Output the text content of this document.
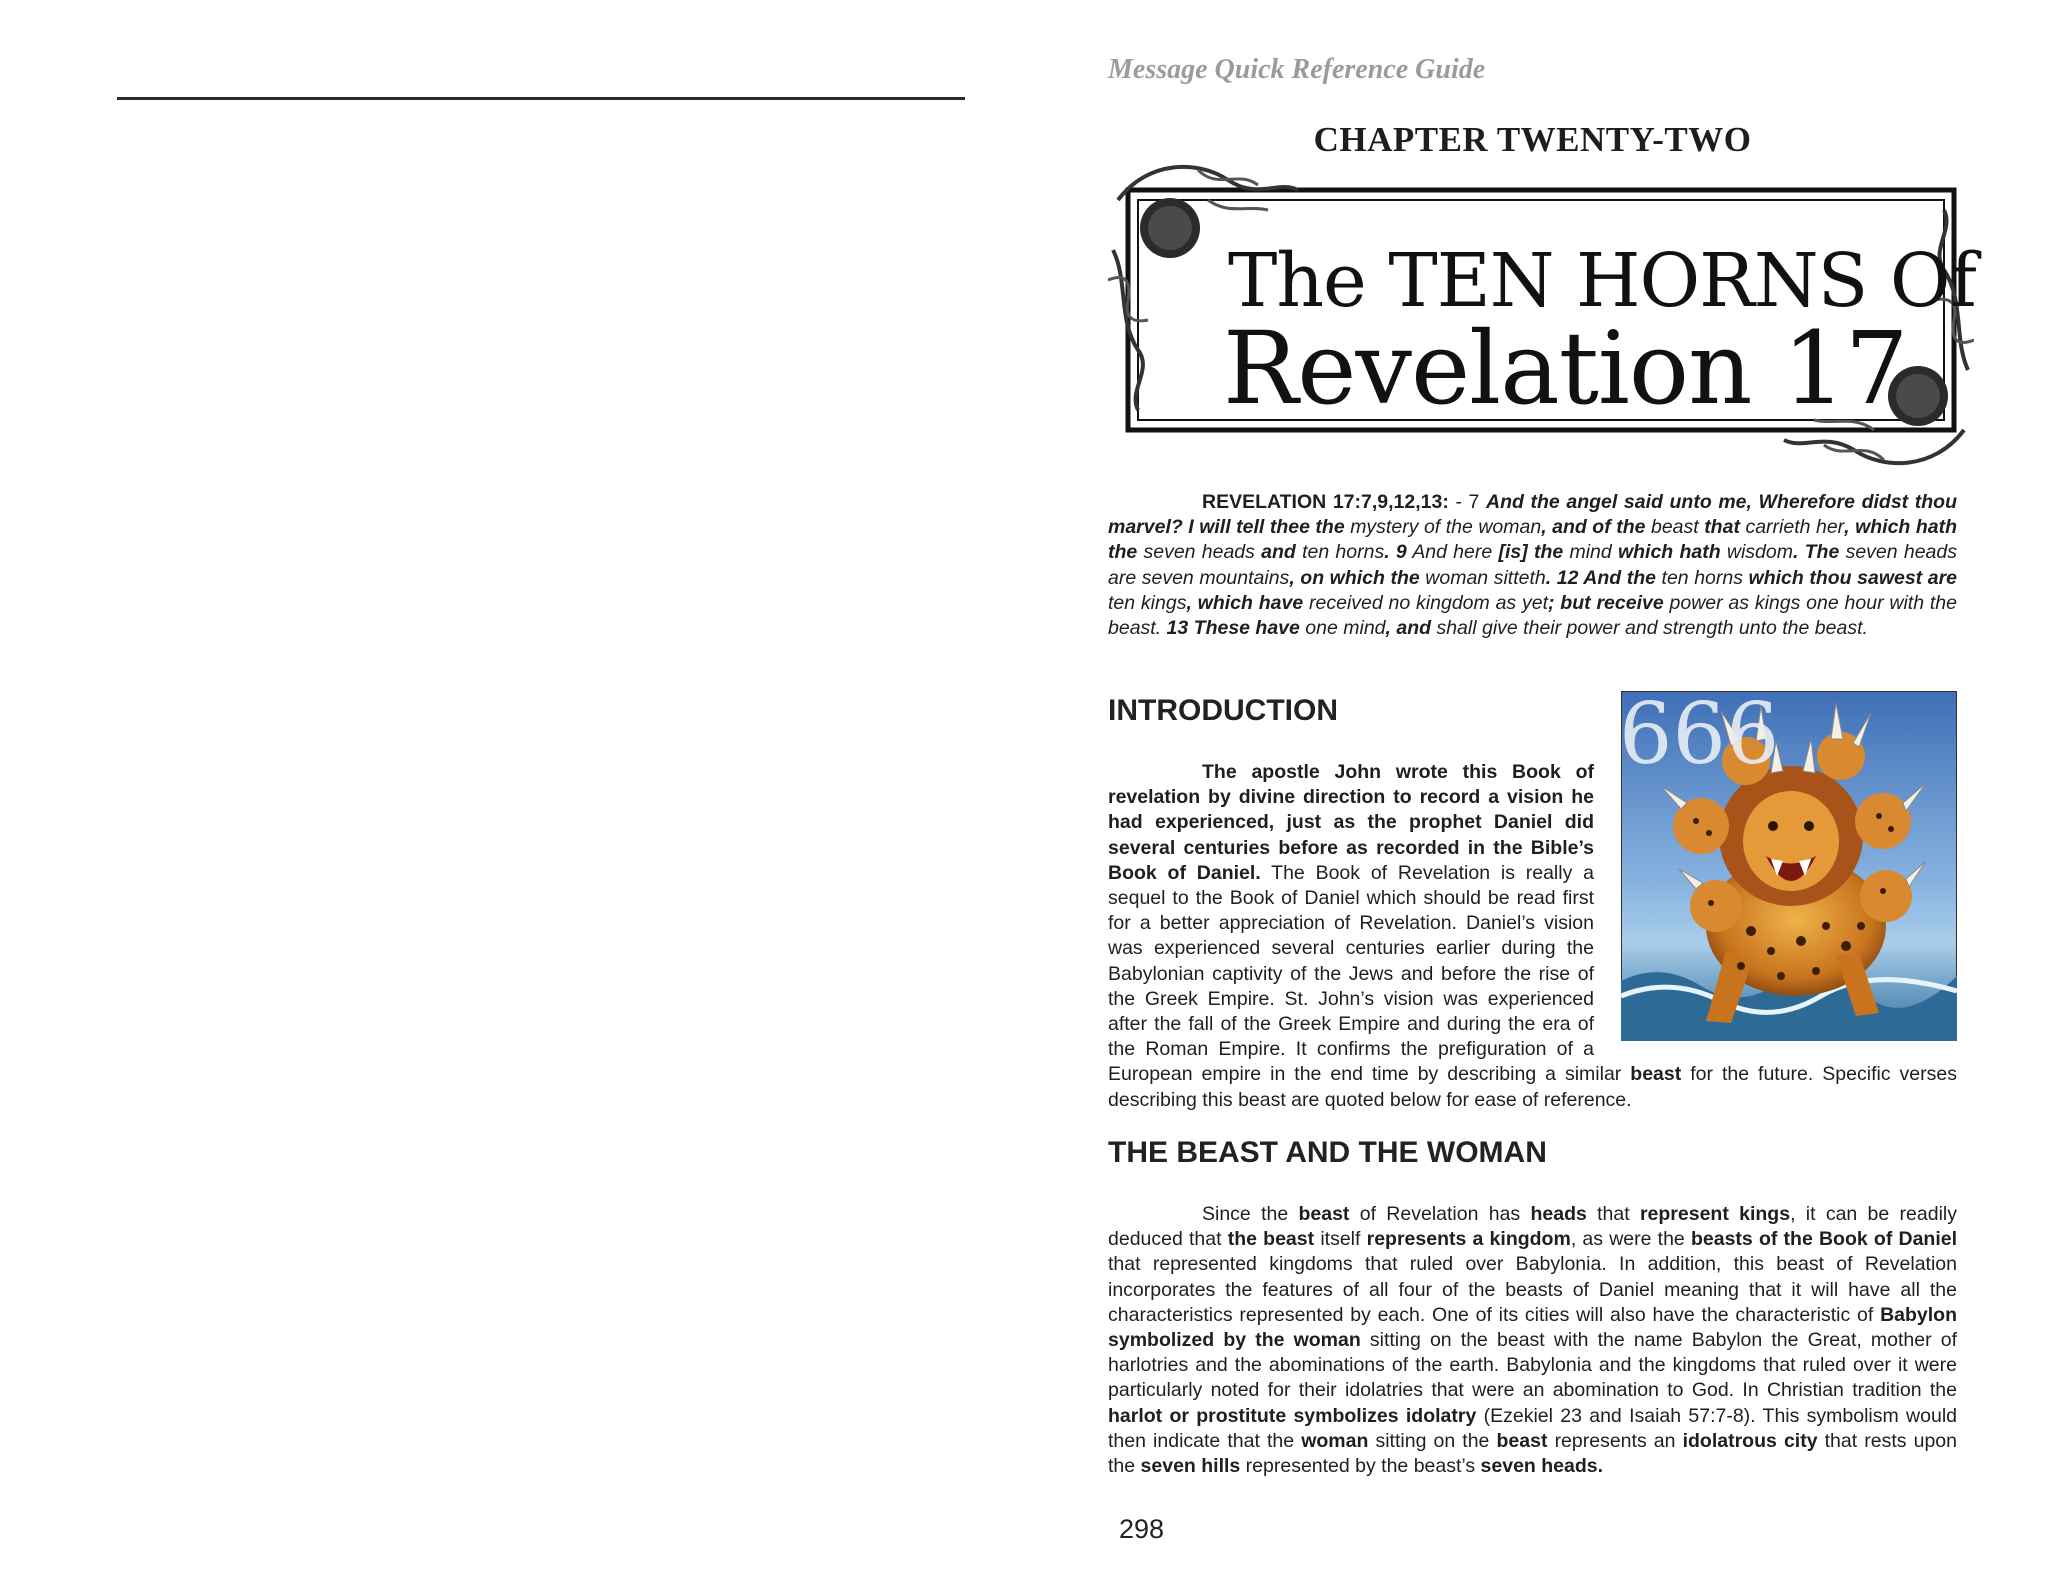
Message Quick Reference Guide
CHAPTER TWENTY-TWO
The TEN HORNS Of
Revelation 17

REVELATION 17:7,9,12,13: - 7 And the angel said unto me, Wherefore didst thou marvel? I will tell thee the mystery of the woman, and of the beast that carrieth her, which hath the seven heads and ten horns. 9 And here [is] the mind which hath wisdom. The seven heads are seven mountains, on which the woman sitteth. 12 And the ten horns which thou sawest are ten kings, which have received no kingdom as yet; but receive power as kings one hour with the beast. 13 These have one mind, and shall give their power and strength unto the beast.

INTRODUCTION	666

The apostle John wrote this Book of revelation by divine direction to record a vision he had experienced, just as the prophet Daniel did several centuries before as recorded in the Bible’s Book of Daniel. The Book of Revelation is really a sequel to the Book of Daniel which should be read first for a better appreciation of Revelation. Daniel’s vision was experienced several centuries earlier during the Babylonian captivity of the Jews and before the rise of the Greek Empire. St. John’s vision was experienced after the fall of the Greek Empire and during the era of the Roman Empire. It confirms the prefiguration of a European empire in the end time by describing a similar beast for the future. Specific verses describing this beast are quoted below for ease of reference.

THE BEAST AND THE WOMAN

Since the beast of Revelation has heads that represent kings, it can be readily deduced that the beast itself represents a kingdom, as were the beasts of the Book of Daniel that represented kingdoms that ruled over Babylonia. In addition, this beast of Revelation incorporates the features of all four of the beasts of Daniel meaning that it will have all the characteristics represented by each. One of its cities will also have the characteristic of Babylon symbolized by the woman sitting on the beast with the name Babylon the Great, mother of harlotries and the abominations of the earth. Babylonia and the kingdoms that ruled over it were particularly noted for their idolatries that were an abomination to God. In Christian tradition the harlot or prostitute symbolizes idolatry (Ezekiel 23 and Isaiah 57:7-8). This symbolism would then indicate that the woman sitting on the beast represents an idolatrous city that rests upon the seven hills represented by the beast’s seven heads.

298
